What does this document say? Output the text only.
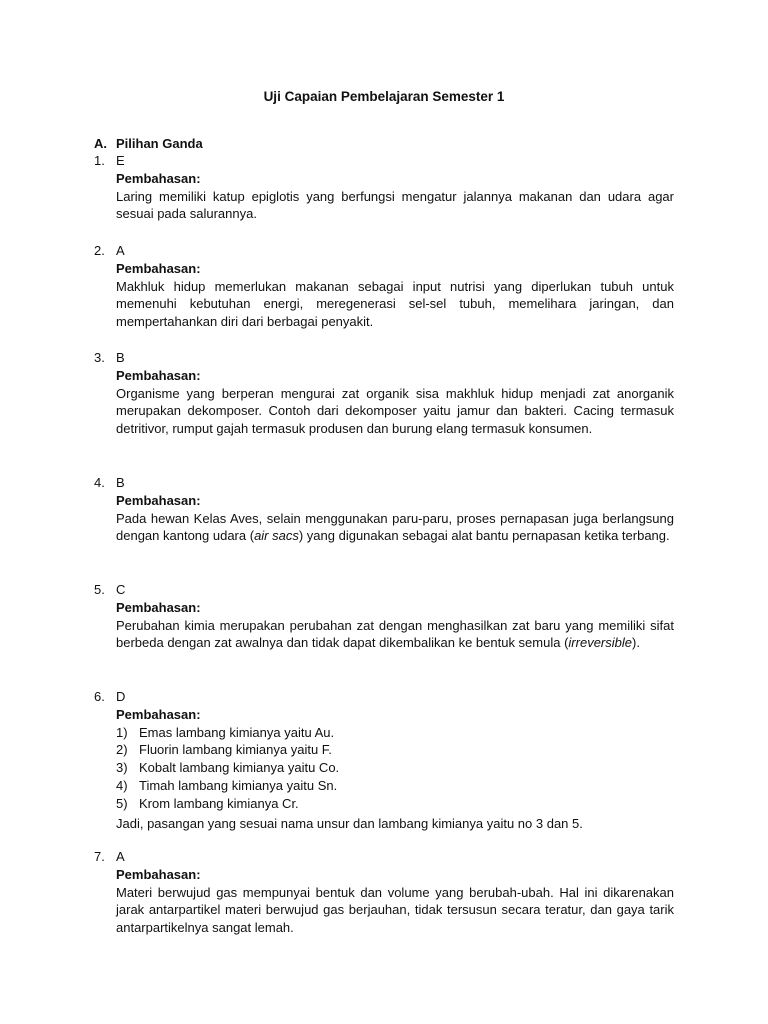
Uji Capaian Pembelajaran Semester 1
A. Pilihan Ganda
1. E
Pembahasan:
Laring memiliki katup epiglotis yang berfungsi mengatur jalannya makanan dan udara agar sesuai pada salurannya.
2. A
Pembahasan:
Makhluk hidup memerlukan makanan sebagai input nutrisi yang diperlukan tubuh untuk memenuhi kebutuhan energi, meregenerasi sel-sel tubuh, memelihara jaringan, dan mempertahankan diri dari berbagai penyakit.
3. B
Pembahasan:
Organisme yang berperan mengurai zat organik sisa makhluk hidup menjadi zat anorganik merupakan dekomposer. Contoh dari dekomposer yaitu jamur dan bakteri. Cacing termasuk detritivor, rumput gajah termasuk produsen dan burung elang termasuk konsumen.
4. B
Pembahasan:
Pada hewan Kelas Aves, selain menggunakan paru-paru, proses pernapasan juga berlangsung dengan kantong udara (air sacs) yang digunakan sebagai alat bantu pernapasan ketika terbang.
5. C
Pembahasan:
Perubahan kimia merupakan perubahan zat dengan menghasilkan zat baru yang memiliki sifat berbeda dengan zat awalnya dan tidak dapat dikembalikan ke bentuk semula (irreversible).
6. D
Pembahasan:
1) Emas lambang kimianya yaitu Au.
2) Fluorin lambang kimianya yaitu F.
3) Kobalt lambang kimianya yaitu Co.
4) Timah lambang kimianya yaitu Sn.
5) Krom lambang kimianya Cr.
Jadi, pasangan yang sesuai nama unsur dan lambang kimianya yaitu no 3 dan 5.
7. A
Pembahasan:
Materi berwujud gas mempunyai bentuk dan volume yang berubah-ubah. Hal ini dikarenakan jarak antarpartikel materi berwujud gas berjauhan, tidak tersusun secara teratur, dan gaya tarik antarpartikelnya sangat lemah.
